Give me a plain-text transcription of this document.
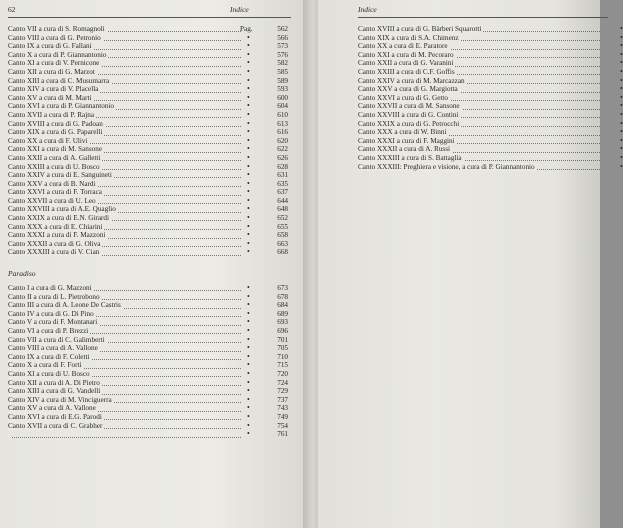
62	Indice
Canto VII a cura di S. Romagnoli	Pag.	562
Canto VIII a cura di G. Petronio	•	566
Canto IX a cura di G. Fallani	•	573
Canto X a cura di P. Giannantonio	•	576
Canto XI a cura di V. Pernicone	•	582
Canto XII a cura di G. Marzot	•	585
Canto XIII a cura di C. Musumarra	•	589
Canto XIV a cura di V. Placella	•	593
Canto XV a cura di M. Marti	•	600
Canto XVI a cura di P. Giannantonio	•	604
Canto XVII a cura di P. Rajna	•	610
Canto XVIII a cura di G. Padoan	•	613
Canto XIX a cura di G. Paparelli	•	616
Canto XX a cura di F. Ulivi	•	620
Canto XXI a cura di M. Sansone	•	622
Canto XXII a cura di A. Galletti	•	626
Canto XXIII a cura di U. Bosco	•	628
Canto XXIV a cura di E. Sanguineti	•	631
Canto XXV a cura di B. Nardi	•	635
Canto XXVI a cura di F. Torraca	•	637
Canto XXVII a cura di U. Leo	•	644
Canto XXVIII a cura di A.E. Quaglio	•	648
Canto XXIX a cura di E.N. Girardi	•	652
Canto XXX a cura di E. Chiarini	•	655
Canto XXXI a cura di F. Mazzoni	•	658
Canto XXXII a cura di G. Oliva	•	663
Canto XXXIII a cura di V. Cian	•	668
Paradiso
Canto I a cura di G. Mazzoni	•	673
Canto II a cura di L. Pietrobono	•	678
Canto III a cura di A. Leone De Castris	•	684
Canto IV a cura di G. Di Pino	•	689
Canto V a cura di F. Montanari	•	693
Canto VI a cura di P. Brezzi	•	696
Canto VII a cura di C. Galimberti	•	701
Canto VIII a cura di A. Vallone	•	705
Canto IX a cura di F. Coletti	•	710
Canto X a cura di F. Forti	•	715
Canto XI a cura di U. Bosco	•	720
Canto XII a cura di A. Di Pietro	•	724
Canto XIII a cura di G. Vandelli	•	729
Canto XIV a cura di M. Vinciguerra	•	737
Canto XV a cura di A. Vallone	•	743
Canto XVI a cura di E.G. Parodi	•	749
Canto XVII a cura di C. Grabher	•	754
•	761
Indice
Canto XVIII a cura di G. Bàrberi Squarotti	•
Canto XIX a cura di S.A. Chimenz	•
Canto XX a cura di E. Paratore	•
Canto XXI a cura di M. Pecoraro	•
Canto XXII a cura di G. Varanini	•
Canto XXIII a cura di C.F. Goffis	•
Canto XXIV a cura di M. Marcazzan	•
Canto XXV a cura di G. Margiotta	•
Canto XXVI a cura di G. Getto	•
Canto XXVII a cura di M. Sansone	•
Canto XXVIII a cura di G. Contini	•
Canto XXIX a cura di G. Petrocchi	•
Canto XXX a cura di W. Binni	•
Canto XXXI a cura di F. Maggini	•
Canto XXXII a cura di A. Russi	•
Canto XXXIII a cura di S. Battaglia	•
Canto XXXIII: Preghiera e visione, a cura di P. Giannantonio	•
